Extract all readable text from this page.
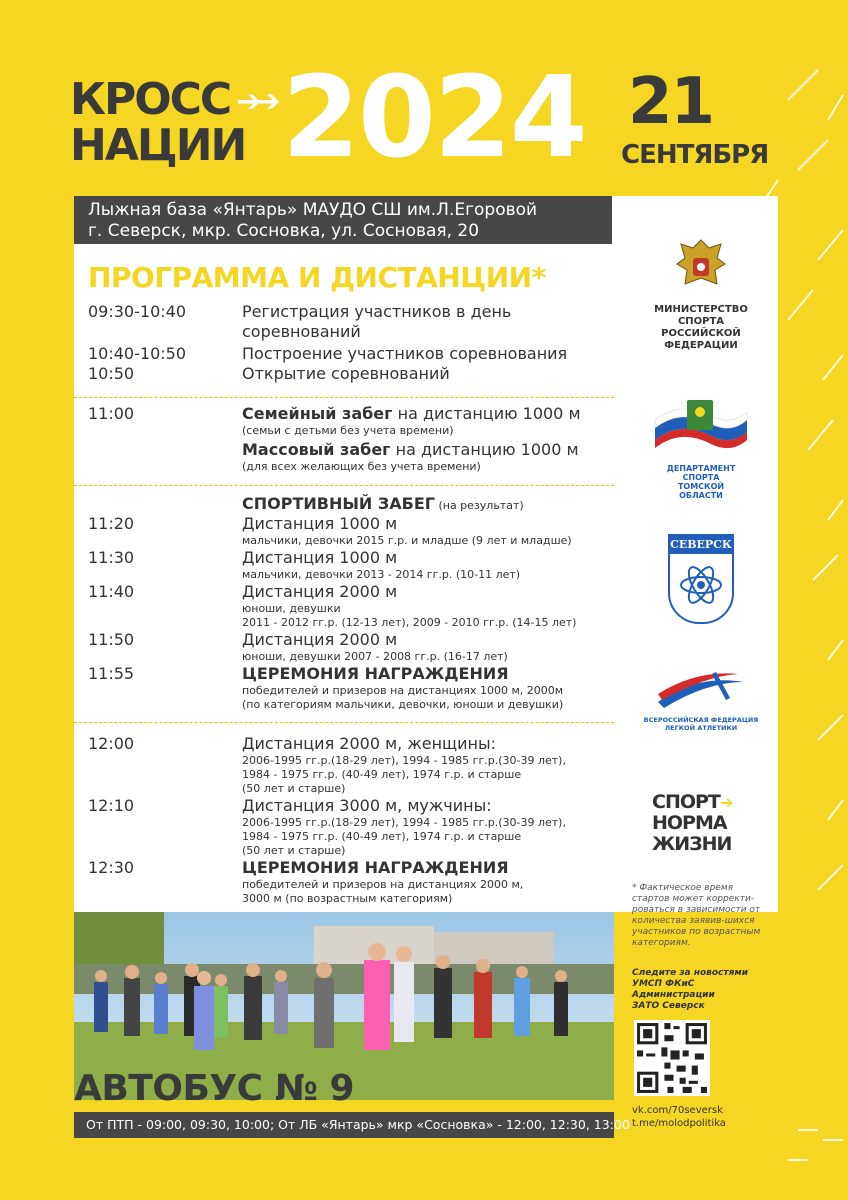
КРОСС ➔➔
НАЦИИ 2024 21
СЕНТЯБРЯ
Лыжная база «Янтарь» МАУДО СШ им.Л.Егоровой
г. Северск, мкр. Сосновка, ул. Сосновая, 20
ПРОГРАММА И ДИСТАНЦИИ*
09:30-10:40	Регистрация участников в день соревнований
10:40-10:50	Построение участников соревнования
10:50	Открытие соревнований
11:00	Семейный забег на дистанцию 1000 м
(семьи с детьми без учета времени)
Массовый забег на дистанцию 1000 м
(для всех желающих без учета времени)
СПОРТИВНЫЙ ЗАБЕГ (на результат)
11:20	Дистанция 1000 м
мальчики, девочки 2015 г.р. и младше (9 лет и младше)
11:30	Дистанция 1000 м
мальчики, девочки 2013 - 2014 гг.р. (10-11 лет)
11:40	Дистанция 2000 м
юноши, девушки
2011 - 2012 гг.р. (12-13 лет), 2009 - 2010 гг.р. (14-15 лет)
11:50	Дистанция 2000 м
юноши, девушки 2007 - 2008 гг.р. (16-17 лет)
11:55	ЦЕРЕМОНИЯ НАГРАЖДЕНИЯ
победителей и призеров на дистанциях 1000 м, 2000м
(по категориям мальчики, девочки, юноши и девушки)
12:00	Дистанция 2000 м, женщины:
2006-1995 гг.р.(18-29 лет), 1994 - 1985 гг.р.(30-39 лет),
1984 - 1975 гг.р. (40-49 лет), 1974 г.р. и старше
(50 лет и старше)
12:10	Дистанция 3000 м, мужчины:
2006-1995 гг.р.(18-29 лет), 1994 - 1985 гг.р.(30-39 лет),
1984 - 1975 гг.р. (40-49 лет), 1974 г.р. и старше
(50 лет и старше)
12:30	ЦЕРЕМОНИЯ НАГРАЖДЕНИЯ
победителей и призеров на дистанциях 2000 м,
3000 м (по возрастным категориям)
МИНИСТЕРСТВО
СПОРТА
РОССИЙСКОЙ
ФЕДЕРАЦИИ
ДЕПАРТАМЕНТ
СПОРТА
ТОМСКОЙ
ОБЛАСТИ
СЕВЕРСК
ВСЕРОССИЙСКАЯ ФЕДЕРАЦИЯ
ЛЕГКОЙ АТЛЕТИКИ
СПОРТ➔
НОРМА
ЖИЗНИ
* Фактическое время стартов может корректи-роваться в зависимости от количества заявив-шихся участников по возрастным категориям.
Следите за новостями
УМСП ФКиС
Администрации
ЗАТО Северск
vk.com/70seversk
t.me/molodpolitika
АВТОБУС № 9
От ПТП - 09:00, 09:30, 10:00; От ЛБ «Янтарь» мкр «Сосновка» - 12:00, 12:30, 13:00
